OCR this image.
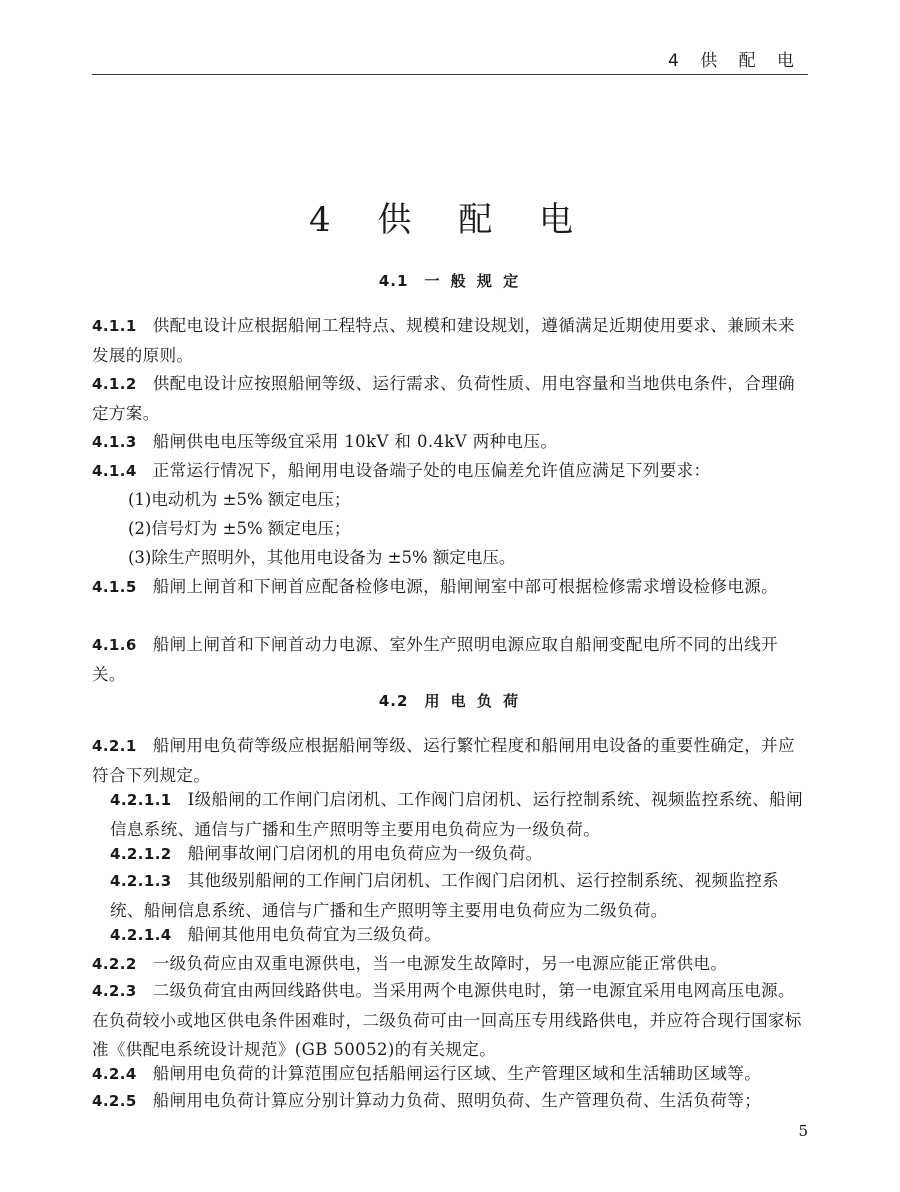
4 供 配 电
4 供 配 电
4.1 一 般 规 定
4.1.1 供配电设计应根据船闸工程特点、规模和建设规划，遵循满足近期使用要求、兼顾未来发展的原则。
4.1.2 供配电设计应按照船闸等级、运行需求、负荷性质、用电容量和当地供电条件，合理确定方案。
4.1.3 船闸供电电压等级宜采用 10kV 和 0.4kV 两种电压。
4.1.4 正常运行情况下，船闸用电设备端子处的电压偏差允许值应满足下列要求：
(1)电动机为 ±5% 额定电压；
(2)信号灯为 ±5% 额定电压；
(3)除生产照明外，其他用电设备为 ±5% 额定电压。
4.1.5 船闸上闸首和下闸首应配备检修电源，船闸闸室中部可根据检修需求增设检修电源。
4.1.6 船闸上闸首和下闸首动力电源、室外生产照明电源应取自船闸变配电所不同的出线开关。
4.2 用 电 负 荷
4.2.1 船闸用电负荷等级应根据船闸等级、运行繁忙程度和船闸用电设备的重要性确定，并应符合下列规定。
4.2.1.1 Ⅰ级船闸的工作闸门启闭机、工作阀门启闭机、运行控制系统、视频监控系统、船闸信息系统、通信与广播和生产照明等主要用电负荷应为一级负荷。
4.2.1.2 船闸事故闸门启闭机的用电负荷应为一级负荷。
4.2.1.3 其他级别船闸的工作闸门启闭机、工作阀门启闭机、运行控制系统、视频监控系统、船闸信息系统、通信与广播和生产照明等主要用电负荷应为二级负荷。
4.2.1.4 船闸其他用电负荷宜为三级负荷。
4.2.2 一级负荷应由双重电源供电，当一电源发生故障时，另一电源应能正常供电。
4.2.3 二级负荷宜由两回线路供电。当采用两个电源供电时，第一电源宜采用电网高压电源。在负荷较小或地区供电条件困难时，二级负荷可由一回高压专用线路供电，并应符合现行国家标准《供配电系统设计规范》(GB 50052)的有关规定。
4.2.4 船闸用电负荷的计算范围应包括船闸运行区域、生产管理区域和生活辅助区域等。
4.2.5 船闸用电负荷计算应分别计算动力负荷、照明负荷、生产管理负荷、生活负荷等；
5
